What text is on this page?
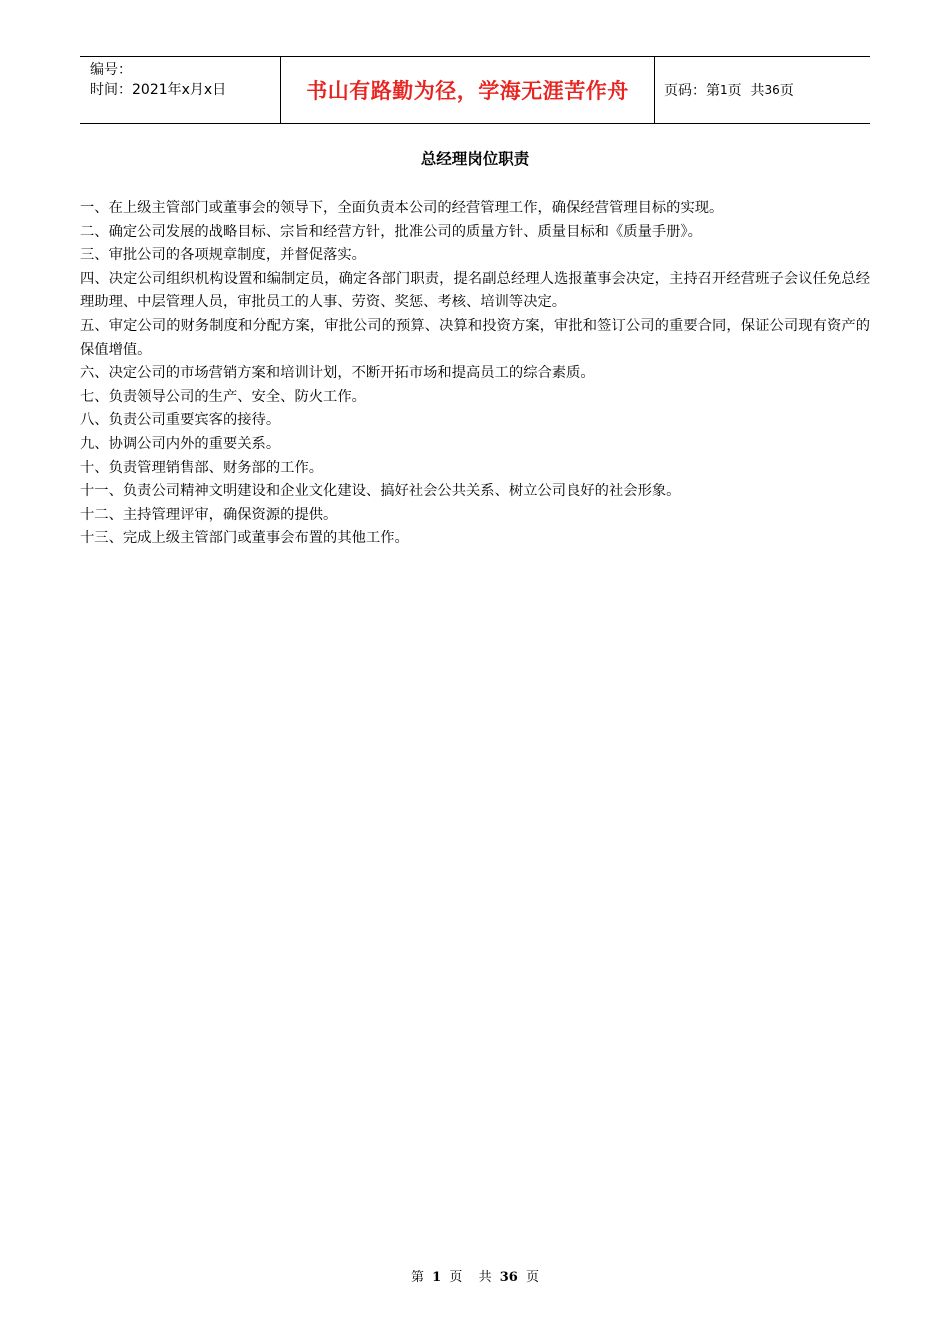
编号：
时间：2021年x月x日	书山有路勤为径，学海无涯苦作舟	页码：第 1 页  共 36 页
总经理岗位职责

一、在上级主管部门或董事会的领导下，全面负责本公司的经营管理工作，确保经营管理目标的实现。

二、确定公司发展的战略目标、宗旨和经营方针，批准公司的质量方针、质量目标和《质量手册》。

三、审批公司的各项规章制度，并督促落实。

四、决定公司组织机构设置和编制定员，确定各部门职责，提名副总经理人选报董事会决定，主持召开经营班子会议任免总经理助理、中层管理人员，审批员工的人事、劳资、奖惩、考核、培训等决定。

五、审定公司的财务制度和分配方案，审批公司的预算、决算和投资方案，审批和签订公司的重要合同，保证公司现有资产的保值增值。

六、决定公司的市场营销方案和培训计划，不断开拓市场和提高员工的综合素质。

七、负责领导公司的生产、安全、防火工作。

八、负责公司重要宾客的接待。

九、协调公司内外的重要关系。

十、负责管理销售部、财务部的工作。

十一、负责公司精神文明建设和企业文化建设、搞好社会公共关系、树立公司良好的社会形象。

十二、主持管理评审，确保资源的提供。

十三、完成上级主管部门或董事会布置的其他工作。

第 1 页  共 36 页
